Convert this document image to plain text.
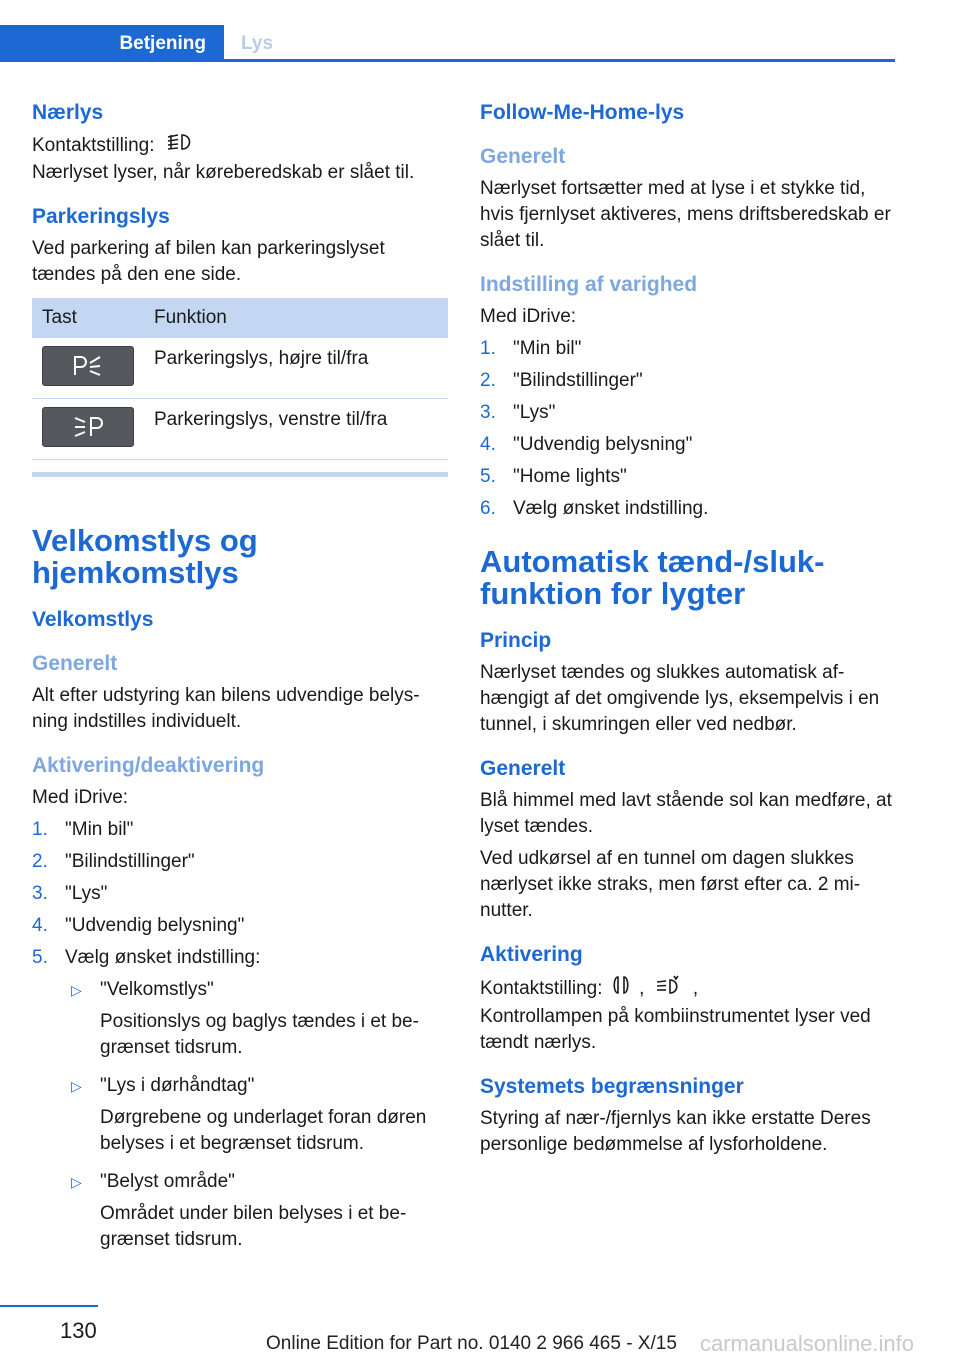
Betjening	Lys
Nærlys

Kontaktstilling:

Nærlyset lyser, når køreberedskab er slået til.

Parkeringslys

Ved parkering af bilen kan parkeringslyset tændes på den ene side.

Tast	Funktion

	Parkeringslys, højre til/fra

	Parkeringslys, venstre til/fra
Velkomstlys og hjemkomstlys
Velkomstlys
Generelt

Alt efter udstyring kan bilens udvendige belys-ning indstilles individuelt.

Aktivering/deaktivering

Med iDrive:

1. "Min bil"
2. "Bilindstillinger"
3. "Lys"
4. "Udvendig belysning"
5. Vælg ønsket indstilling:
▷ "Velkomstlys"
Positionslys og baglys tændes i et be-grænset tidsrum.
▷ "Lys i dørhåndtag"
Dørgrebene og underlaget foran døren belyses i et begrænset tidsrum.
▷ "Belyst område"
Området under bilen belyses i et be-grænset tidsrum.
Follow-Me-Home-lys
Generelt

Nærlyset fortsætter med at lyse i et stykke tid, hvis fjernlyset aktiveres, mens driftsberedskab er slået til.

Indstilling af varighed

Med iDrive:

1. "Min bil"
2. "Bilindstillinger"
3. "Lys"
4. "Udvendig belysning"
5. "Home lights"
6. Vælg ønsket indstilling.
Automatisk tænd-/sluk-funktion for lygter
Princip

Nærlyset tændes og slukkes automatisk af-hængigt af det omgivende lys, eksempelvis i en tunnel, i skumringen eller ved nedbør.

Generelt

Blå himmel med lavt stående sol kan medføre, at lyset tændes.

Ved udkørsel af en tunnel om dagen slukkes nærlyset ikke straks, men først efter ca. 2 mi-nutter.

Aktivering

Kontaktstilling: ,	,

Kontrollampen på kombiinstrumentet lyser ved tændt nærlys.

Systemets begrænsninger

Styring af nær-/fjernlys kan ikke erstatte Deres personlige bedømmelse af lysforholdene.

130
Online Edition for Part no. 0140 2 966 465 - X/15 carmanualsonline.info
